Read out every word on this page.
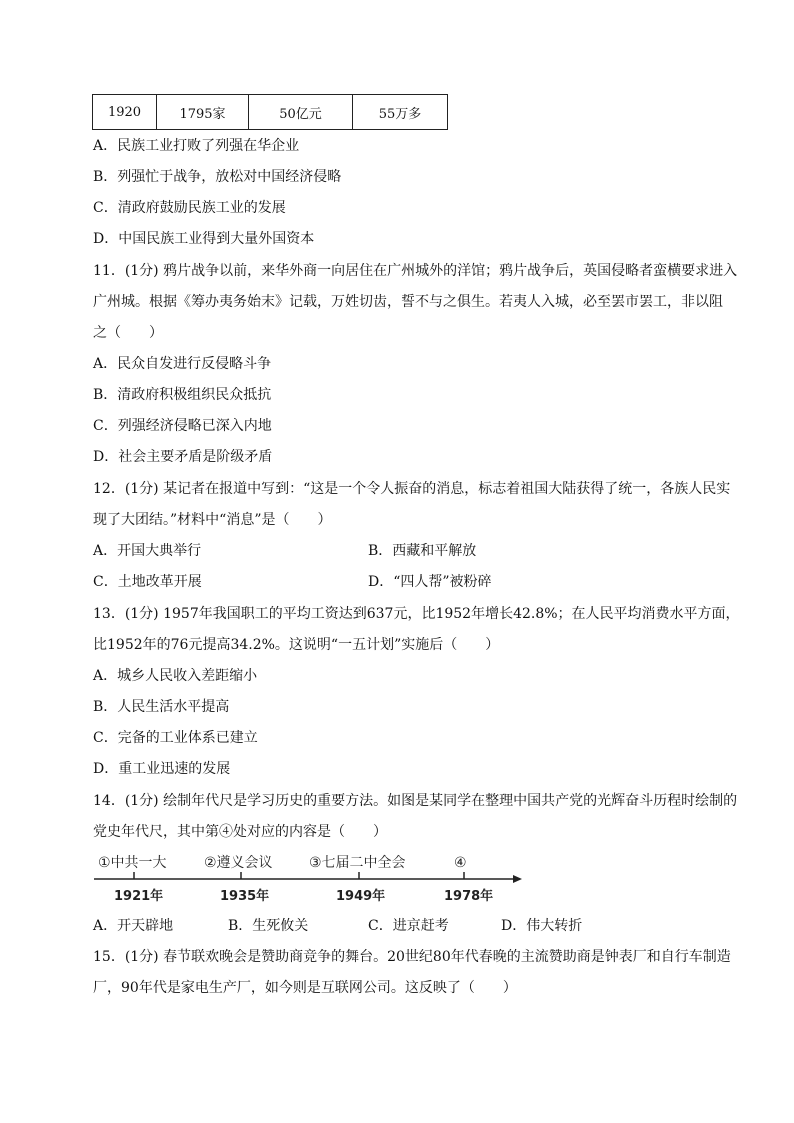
1920	1795家	50亿元	55万多
A．民族工业打败了列强在华企业
B．列强忙于战争，放松对中国经济侵略
C．清政府鼓励民族工业的发展
D．中国民族工业得到大量外国资本
11．(1分) 鸦片战争以前，来华外商一向居住在广州城外的洋馆；鸦片战争后，英国侵略者蛮横要求进入
广州城。根据《筹办夷务始末》记载，万姓切齿，誓不与之俱生。若夷人入城，必至罢市罢工，非以阻
之（　　）
A．民众自发进行反侵略斗争
B．清政府积极组织民众抵抗
C．列强经济侵略已深入内地
D．社会主要矛盾是阶级矛盾
12．(1分) 某记者在报道中写到：“这是一个令人振奋的消息，标志着祖国大陆获得了统一，各族人民实
现了大团结。”材料中“消息”是（　　）
A．开国大典举行	B．西藏和平解放
C．土地改革开展	D．“四人帮”被粉碎
13．(1分) 1957年我国职工的平均工资达到637元，比1952年增长42.8%；在人民平均消费水平方面，
比1952年的76元提高34.2%。这说明“一五计划”实施后（　　）
A．城乡人民收入差距缩小
B．人民生活水平提高
C．完备的工业体系已建立
D．重工业迅速的发展
14．(1分) 绘制年代尺是学习历史的重要方法。如图是某同学在整理中国共产党的光辉奋斗历程时绘制的
党史年代尺，其中第④处对应的内容是（　　）
①中共一大	②遵义会议	③七届二中全会	④
1921年	1935年	1949年	1978年
A．开天辟地	B．生死攸关	C．进京赶考	D．伟大转折
15．(1分) 春节联欢晚会是赞助商竞争的舞台。20世纪80年代春晚的主流赞助商是钟表厂和自行车制造
厂，90年代是家电生产厂，如今则是互联网公司。这反映了（　　）
